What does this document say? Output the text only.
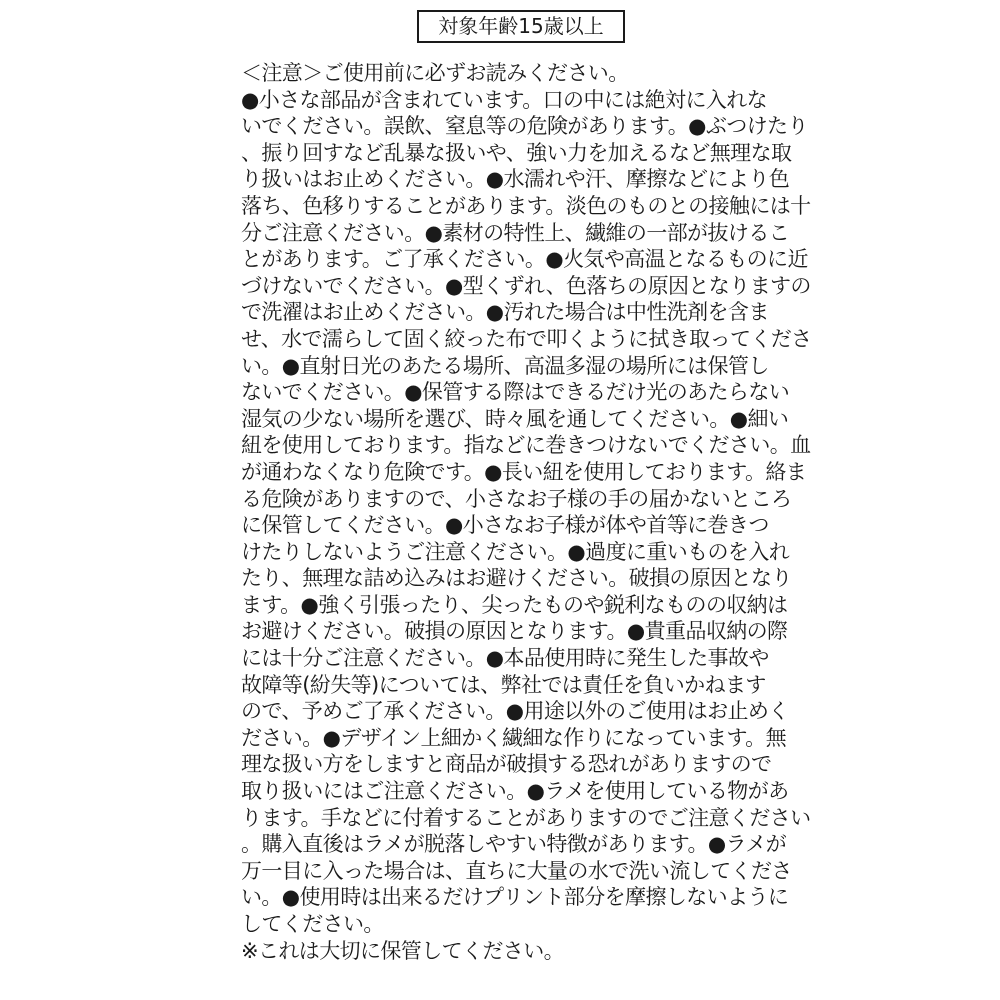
対象年齢15歳以上
＜注意＞ご使用前に必ずお読みください。
●小さな部品が含まれています。口の中には絶対に入れな
いでください。誤飲、窒息等の危険があります。●ぶつけたり
、振り回すなど乱暴な扱いや、強い力を加えるなど無理な取
り扱いはお止めください。●水濡れや汗、摩擦などにより色
落ち、色移りすることがあります。淡色のものとの接触には十
分ご注意ください。●素材の特性上、繊維の一部が抜けるこ
とがあります。ご了承ください。●火気や高温となるものに近
づけないでください。●型くずれ、色落ちの原因となりますの
で洗濯はお止めください。●汚れた場合は中性洗剤を含ま
せ、水で濡らして固く絞った布で叩くように拭き取ってくださ
い。●直射日光のあたる場所、高温多湿の場所には保管し
ないでください。●保管する際はできるだけ光のあたらない
湿気の少ない場所を選び、時々風を通してください。●細い
紐を使用しております。指などに巻きつけないでください。血
が通わなくなり危険です。●長い紐を使用しております。絡ま
る危険がありますので、小さなお子様の手の届かないところ
に保管してください。●小さなお子様が体や首等に巻きつ
けたりしないようご注意ください。●過度に重いものを入れ
たり、無理な詰め込みはお避けください。破損の原因となり
ます。●強く引張ったり、尖ったものや鋭利なものの収納は
お避けください。破損の原因となります。●貴重品収納の際
には十分ご注意ください。●本品使用時に発生した事故や
故障等(紛失等)については、弊社では責任を負いかねます
ので、予めご了承ください。●用途以外のご使用はお止めく
ださい。●デザイン上細かく繊細な作りになっています。無
理な扱い方をしますと商品が破損する恐れがありますので
取り扱いにはご注意ください。●ラメを使用している物があ
ります。手などに付着することがありますのでご注意ください
。購入直後はラメが脱落しやすい特徴があります。●ラメが
万一目に入った場合は、直ちに大量の水で洗い流してくださ
い。●使用時は出来るだけプリント部分を摩擦しないように
してください。
※これは大切に保管してください。
